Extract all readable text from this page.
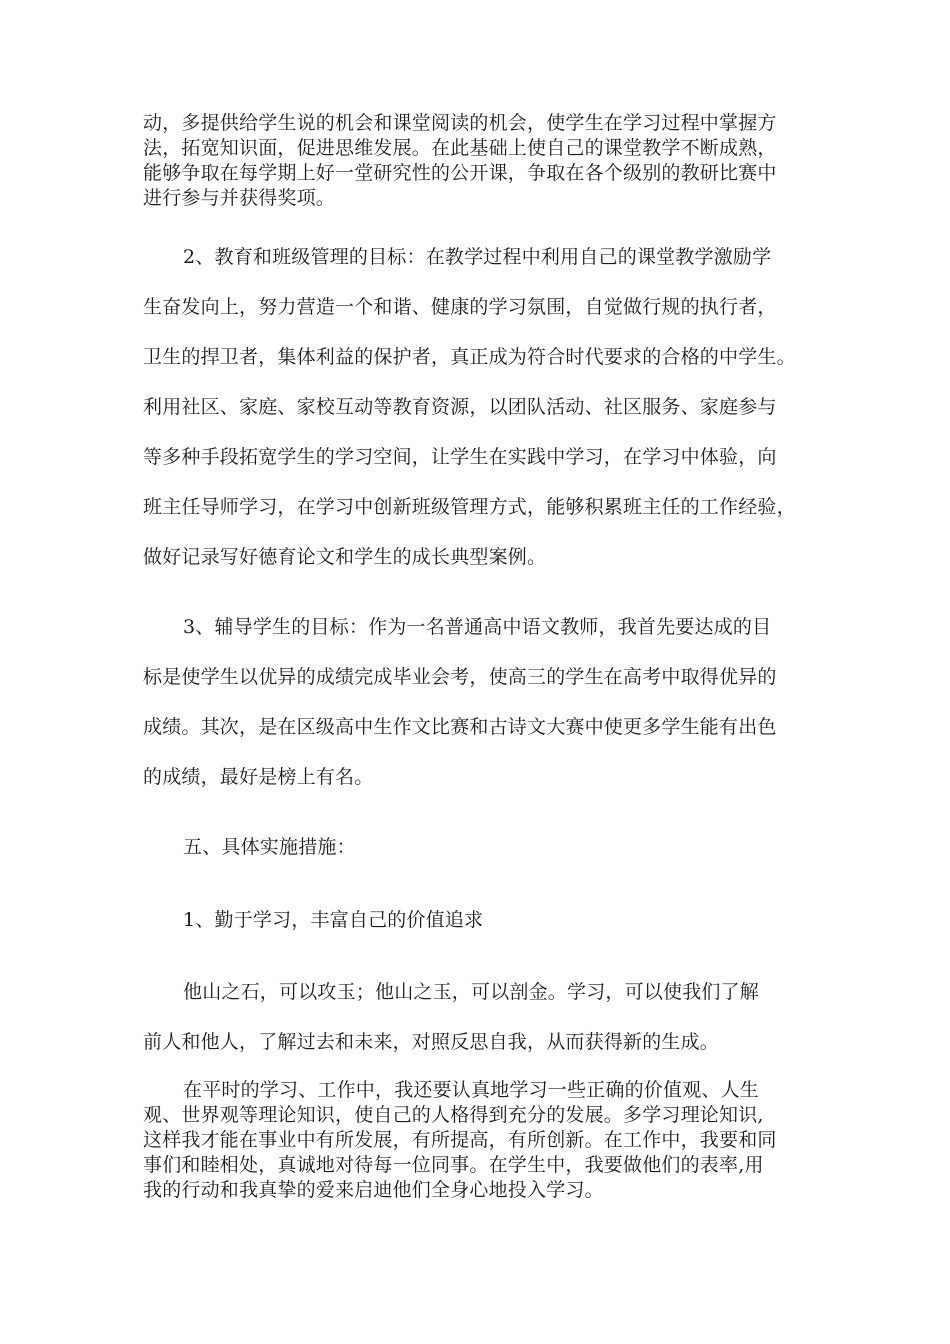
动，多提供给学生说的机会和课堂阅读的机会，使学生在学习过程中掌握方
法，拓宽知识面，促进思维发展。在此基础上使自己的课堂教学不断成熟，
能够争取在每学期上好一堂研究性的公开课，争取在各个级别的教研比赛中
进行参与并获得奖项。
2、教育和班级管理的目标：在教学过程中利用自己的课堂教学激励学
生奋发向上，努力营造一个和谐、健康的学习氛围，自觉做行规的执行者，
卫生的捍卫者，集体利益的保护者，真正成为符合时代要求的合格的中学生。
利用社区、家庭、家校互动等教育资源，以团队活动、社区服务、家庭参与
等多种手段拓宽学生的学习空间，让学生在实践中学习，在学习中体验，向
班主任导师学习，在学习中创新班级管理方式，能够积累班主任的工作经验，
做好记录写好德育论文和学生的成长典型案例。
3、辅导学生的目标：作为一名普通高中语文教师，我首先要达成的目
标是使学生以优异的成绩完成毕业会考，使高三的学生在高考中取得优异的
成绩。其次，是在区级高中生作文比赛和古诗文大赛中使更多学生能有出色
的成绩，最好是榜上有名。
五、具体实施措施：
1、勤于学习，丰富自己的价值追求
他山之石，可以攻玉；他山之玉，可以剖金。学习，可以使我们了解
前人和他人，了解过去和未来，对照反思自我，从而获得新的生成。
在平时的学习、工作中，我还要认真地学习一些正确的价值观、人生
观、世界观等理论知识，使自己的人格得到充分的发展。多学习理论知识,
这样我才能在事业中有所发展，有所提高，有所创新。在工作中，我要和同
事们和睦相处，真诚地对待每一位同事。在学生中，我要做他们的表率,用
我的行动和我真挚的爱来启迪他们全身心地投入学习。
